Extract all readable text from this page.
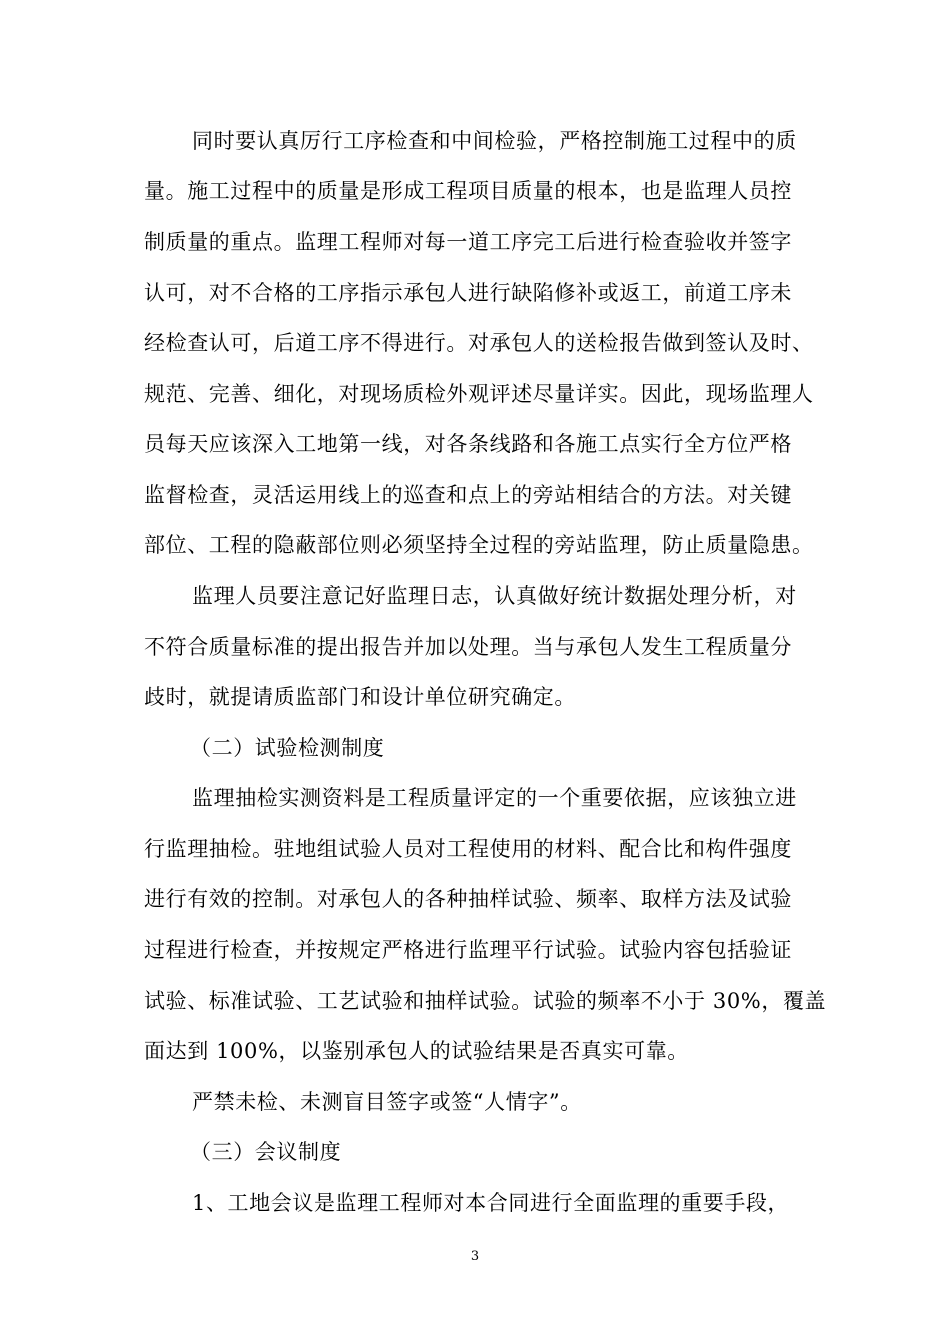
同时要认真厉行工序检查和中间检验，严格控制施工过程中的质
量。施工过程中的质量是形成工程项目质量的根本，也是监理人员控
制质量的重点。监理工程师对每一道工序完工后进行检查验收并签字
认可，对不合格的工序指示承包人进行缺陷修补或返工，前道工序未
经检查认可，后道工序不得进行。对承包人的送检报告做到签认及时、
规范、完善、细化，对现场质检外观评述尽量详实。因此，现场监理人
员每天应该深入工地第一线，对各条线路和各施工点实行全方位严格
监督检查，灵活运用线上的巡查和点上的旁站相结合的方法。对关键
部位、工程的隐蔽部位则必须坚持全过程的旁站监理，防止质量隐患。
监理人员要注意记好监理日志，认真做好统计数据处理分析，对
不符合质量标准的提出报告并加以处理。当与承包人发生工程质量分
歧时，就提请质监部门和设计单位研究确定。
（二）试验检测制度
监理抽检实测资料是工程质量评定的一个重要依据，应该独立进
行监理抽检。驻地组试验人员对工程使用的材料、配合比和构件强度
进行有效的控制。对承包人的各种抽样试验、频率、取样方法及试验
过程进行检查，并按规定严格进行监理平行试验。试验内容包括验证
试验、标准试验、工艺试验和抽样试验。试验的频率不小于 30%，覆盖
面达到 100%，以鉴别承包人的试验结果是否真实可靠。
严禁未检、未测盲目签字或签“人情字”。
（三）会议制度
1、工地会议是监理工程师对本合同进行全面监理的重要手段，
3
